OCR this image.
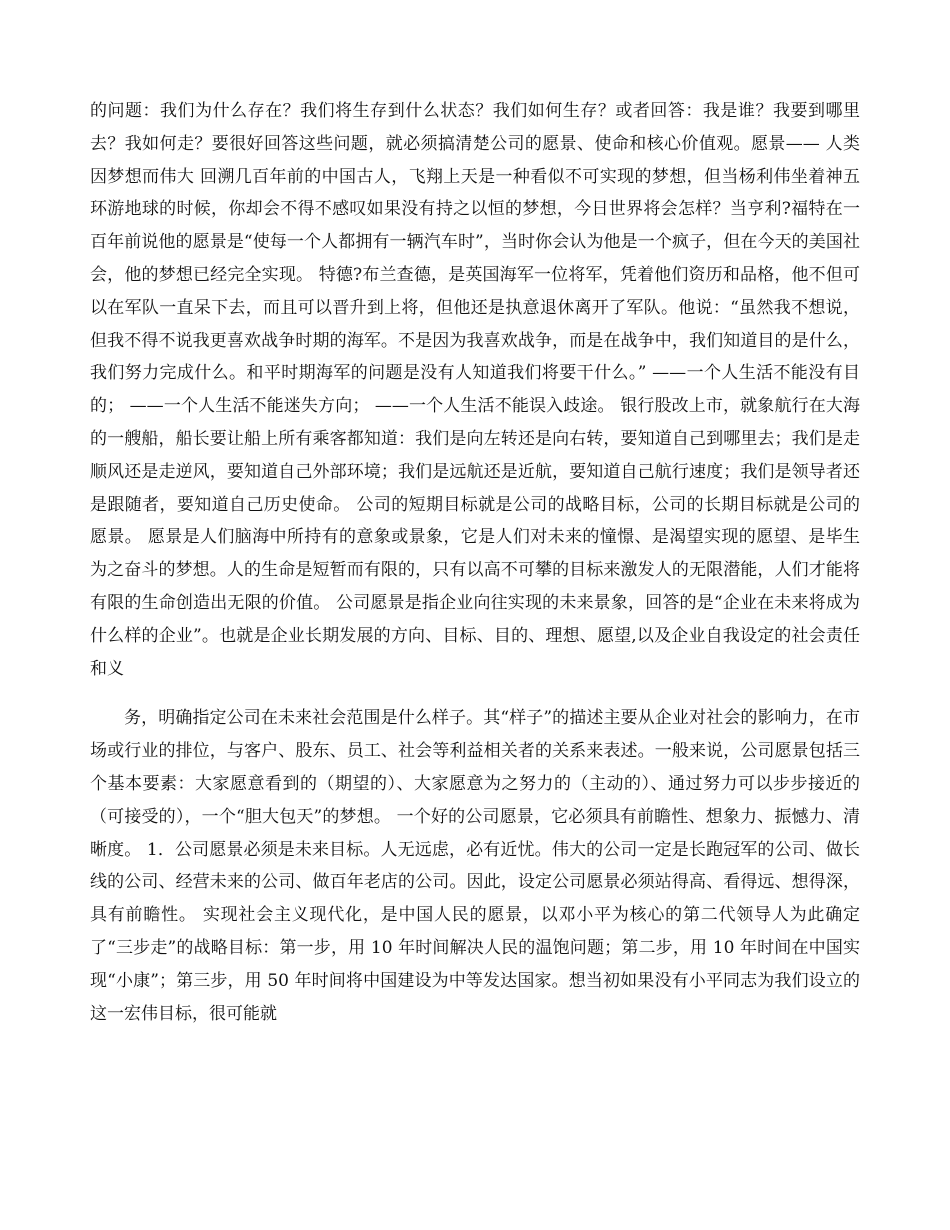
的问题：我们为什么存在？我们将生存到什么状态？我们如何生存？或者回答：我是谁？我要到哪里去？我如何走？要很好回答这些问题，就必须搞清楚公司的愿景、使命和核心价值观。愿景—— 人类因梦想而伟大 回溯几百年前的中国古人，飞翔上天是一种看似不可实现的梦想，但当杨利伟坐着神五环游地球的时候，你却会不得不感叹如果没有持之以恒的梦想，今日世界将会怎样？当亨利?福特在一百年前说他的愿景是“使每一个人都拥有一辆汽车时”，当时你会认为他是一个疯子，但在今天的美国社会，他的梦想已经完全实现。 特德?布兰查德，是英国海军一位将军，凭着他们资历和品格，他不但可以在军队一直呆下去，而且可以晋升到上将，但他还是执意退休离开了军队。他说：“虽然我不想说，但我不得不说我更喜欢战争时期的海军。不是因为我喜欢战争，而是在战争中，我们知道目的是什么，我们努力完成什么。和平时期海军的问题是没有人知道我们将要干什么。” ——一个人生活不能没有目的； ——一个人生活不能迷失方向； ——一个人生活不能误入歧途。 银行股改上市，就象航行在大海的一艘船，船长要让船上所有乘客都知道：我们是向左转还是向右转，要知道自己到哪里去；我们是走顺风还是走逆风，要知道自己外部环境；我们是远航还是近航，要知道自己航行速度；我们是领导者还是跟随者，要知道自己历史使命。 公司的短期目标就是公司的战略目标，公司的长期目标就是公司的愿景。 愿景是人们脑海中所持有的意象或景象，它是人们对未来的憧憬、是渴望实现的愿望、是毕生为之奋斗的梦想。人的生命是短暂而有限的，只有以高不可攀的目标来激发人的无限潜能，人们才能将有限的生命创造出无限的价值。 公司愿景是指企业向往实现的未来景象，回答的是“企业在未来将成为什么样的企业”。也就是企业长期发展的方向、目标、目的、理想、愿望,以及企业自我设定的社会责任和义

务，明确指定公司在未来社会范围是什么样子。其“样子”的描述主要从企业对社会的影响力，在市场或行业的排位，与客户、股东、员工、社会等利益相关者的关系来表述。一般来说，公司愿景包括三个基本要素：大家愿意看到的（期望的）、大家愿意为之努力的（主动的）、通过努力可以步步接近的（可接受的），一个“胆大包天”的梦想。 一个好的公司愿景，它必须具有前瞻性、想象力、振憾力、清晰度。 1．公司愿景必须是未来目标。人无远虑，必有近忧。伟大的公司一定是长跑冠军的公司、做长线的公司、经营未来的公司、做百年老店的公司。因此，设定公司愿景必须站得高、看得远、想得深，具有前瞻性。 实现社会主义现代化，是中国人民的愿景，以邓小平为核心的第二代领导人为此确定了“三步走”的战略目标：第一步，用 10 年时间解决人民的温饱问题；第二步，用 10 年时间在中国实现“小康”；第三步，用 50 年时间将中国建设为中等发达国家。想当初如果没有小平同志为我们设立的这一宏伟目标，很可能就
